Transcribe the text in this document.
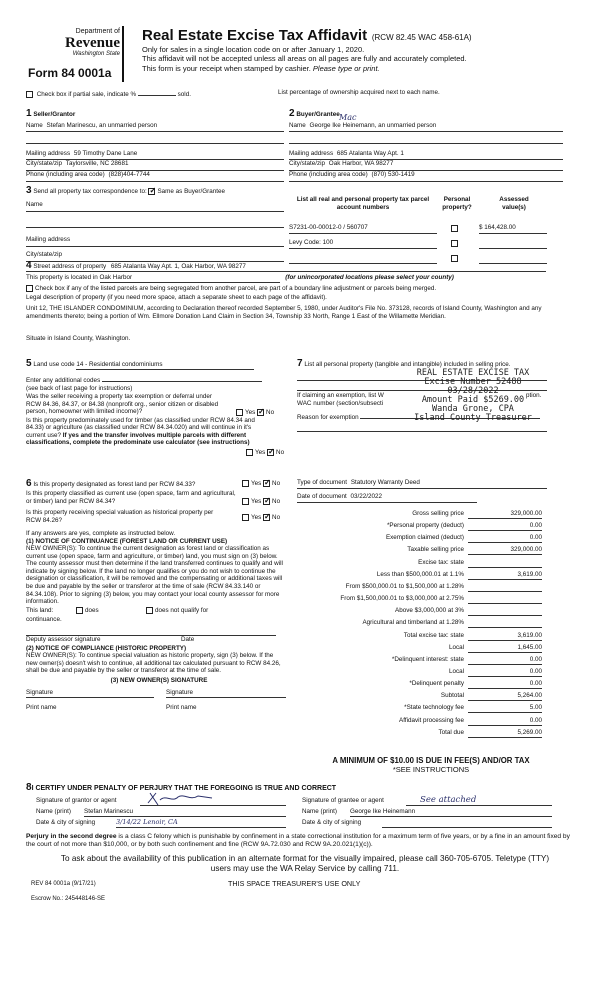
Department of
Revenue
Washington State
Form 84 0001a
Real Estate Excise Tax Affidavit (RCW 82.45 WAC 458-61A)
Only for sales in a single location code on or after January 1, 2020.
This affidavit will not be accepted unless all areas on all pages are fully and accurately completed.
This form is your receipt when stamped by cashier. Please type or print.
Check box if partial sale, indicate %	sold.	List percentage of ownership acquired next to each name.
1 Seller/Grantor
Name Stefan Marinescu, an unmarried person
Mailing address 59 Timothy Dane Lane
City/state/zip Taylorsville, NC 28681
Phone (including area code) (828)404-7744
2 Buyer/Grantee
Name George Ike Heinemann, an unmarried person
Mac
Mailing address 685 Atalanta Way Apt. 1
City/state/zip Oak Harbor, WA 98277
Phone (including area code) (870) 530-1419
3 Send all property tax correspondence to: ✓ Same as Buyer/Grantee
Name
Mailing address
City/state/zip
List all real and personal property tax parcel account numbers
Personal property?
Assessed value(s)
S7231-00-00012-0 / 560707	$ 164,428.00
Levy Code: 100
4 Street address of property 685 Atalanta Way Apt. 1, Oak Harbor, WA 98277
This property is located in Oak Harbor	(for unincorporated locations please select your county)
Check box if any of the listed parcels are being segregated from another parcel, are part of a boundary line adjustment or parcels being merged.
Legal description of property (if you need more space, attach a separate sheet to each page of the affidavit).
Unit 12, THE ISLANDER CONDOMINIUM, according to Declaration thereof recorded September 5, 1980, under Auditor's File No. 373128, records of Island County, Washington and any amendments thereto; being a portion of Wm. Ellmore Donation Land Claim in Section 34, Township 33 North, Range 1 East of the Willamette Meridian.
Situate in Island County, Washington.
5 Land use code 14 - Residential condominiums
Enter any additional codes
(see back of last page for instructions)
Was the seller receiving a property tax exemption or deferral under RCW 84.36, 84.37, or 84.38 (nonprofit org., senior citizen or disabled person, homeowner with limited income)?	Yes ✓ No
Is this property predominately used for timber (as classified under RCW 84.34 and 84.33) or agriculture (as classified under RCW 84.34.020) and will continue in it's current use? If yes and the transfer involves multiple parcels with different classifications, complete the predominate use calculator (see instructions)
Yes ✓ No
7 List all personal property (tangible and intangible) included in selling price.
If claiming an exemption, list W
WAC number (section/subsecti
ption.
Reason for exemption
REAL ESTATE EXCISE TAX
Excise Number 52488
03/28/2022
Amount Paid $5269.00
Wanda Grone, CPA
Island County Treasurer
6 Is this property designated as forest land per RCW 84.33?	Yes ✓ No
Is this property classified as current use (open space, farm and agricultural, or timber) land per RCW 84.34?	Yes ✓ No
Is this property receiving special valuation as historical property per RCW 84.26?	Yes ✓ No
If any answers are yes, complete as instructed below.
(1) NOTICE OF CONTINUANCE (FOREST LAND OR CURRENT USE)
NEW OWNER(S): To continue the current designation as forest land or classification as current use (open space, farm and agriculture, or timber) land, you must sign on (3) below. The county assessor must then determine if the land transferred continues to qualify and will indicate by signing below. If the land no longer qualifies or you do not wish to continue the designation or classification, it will be removed and the compensating or additional taxes will be due and payable by the seller or transferor at the time of sale (RCW 84.33.140 or 84.34.108). Prior to signing (3) below, you may contact your local county assessor for more information.
This land:	does	does not qualify for
continuance.
Deputy assessor signature	Date
(2) NOTICE OF COMPLIANCE (HISTORIC PROPERTY)
NEW OWNER(S): To continue special valuation as historic property, sign (3) below. If the new owner(s) doesn't wish to continue, all additional tax calculated pursuant to RCW 84.26, shall be due and payable by the seller or transferor at the time of sale.
(3) NEW OWNER(S) SIGNATURE
Signature	Signature
Print name	Print name
Type of document Statutory Warranty Deed
Date of document 03/22/2022
Gross selling price	329,000.00
*Personal property (deduct)	0.00
Exemption claimed (deduct)	0.00
Taxable selling price	329,000.00
Excise tax: state
Less than $500,000.01 at 1.1%	3,619.00
From $500,000.01 to $1,500,000 at 1.28%
From $1,500,000.01 to $3,000,000 at 2.75%
Above $3,000,000 at 3%
Agricultural and timberland at 1.28%
Total excise tax: state	3,619.00
Local	1,645.00
*Delinquent interest: state	0.00
Local	0.00
*Delinquent penalty	0.00
Subtotal	5,264.00
*State technology fee	5.00
Affidavit processing fee	0.00
Total due	5,269.00
A MINIMUM OF $10.00 IS DUE IN FEE(S) AND/OR TAX
*SEE INSTRUCTIONS
8I CERTIFY UNDER PENALTY OF PERJURY THAT THE FOREGOING IS TRUE AND CORRECT
Signature of grantor or agent
Name (print) Stefan Marinescu
Date & city of signing	3/14/22 Lenoir, CA
Signature of grantee or agent	See attached
Name (print) George Ike Heinemann
Date & city of signing
Perjury in the second degree is a class C felony which is punishable by confinement in a state correctional institution for a maximum term of five years, or by a fine in an amount fixed by the court of not more than $10,000, or by both such confinement and fine (RCW 9A.72.030 and RCW 9A.20.021(1)(c)).
To ask about the availability of this publication in an alternate format for the visually impaired, please call 360-705-6705. Teletype (TTY) users may use the WA Relay Service by calling 711.
REV 84 0001a (9/17/21)	THIS SPACE TREASURER'S USE ONLY
Escrow No.: 245448146-SE
